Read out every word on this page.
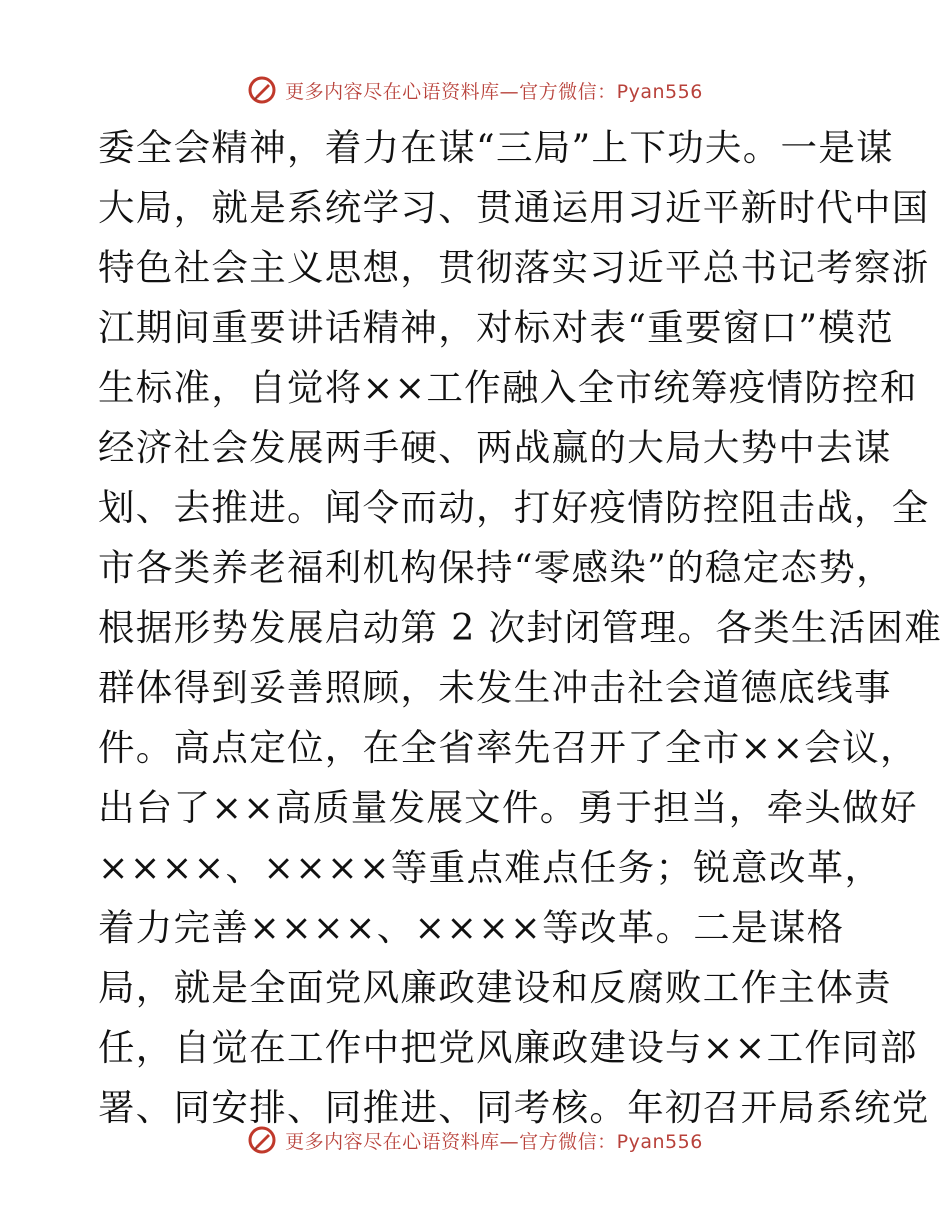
更多内容尽在心语资料库—官方微信：Pyan556
委全会精神，着力在谋“三局”上下功夫。一是谋
大局，就是系统学习、贯通运用习近平新时代中国
特色社会主义思想，贯彻落实习近平总书记考察浙
江期间重要讲话精神，对标对表“重要窗口”模范
生标准，自觉将××工作融入全市统筹疫情防控和
经济社会发展两手硬、两战赢的大局大势中去谋
划、去推进。闻令而动，打好疫情防控阻击战，全
市各类养老福利机构保持“零感染”的稳定态势，
根据形势发展启动第 2 次封闭管理。各类生活困难
群体得到妥善照顾，未发生冲击社会道德底线事
件。高点定位，在全省率先召开了全市××会议，
出台了××高质量发展文件。勇于担当，牵头做好
××××、××××等重点难点任务；锐意改革，
着力完善××××、××××等改革。二是谋格
局，就是全面党风廉政建设和反腐败工作主体责
任，自觉在工作中把党风廉政建设与××工作同部
署、同安排、同推进、同考核。年初召开局系统党
更多内容尽在心语资料库—官方微信：Pyan556
